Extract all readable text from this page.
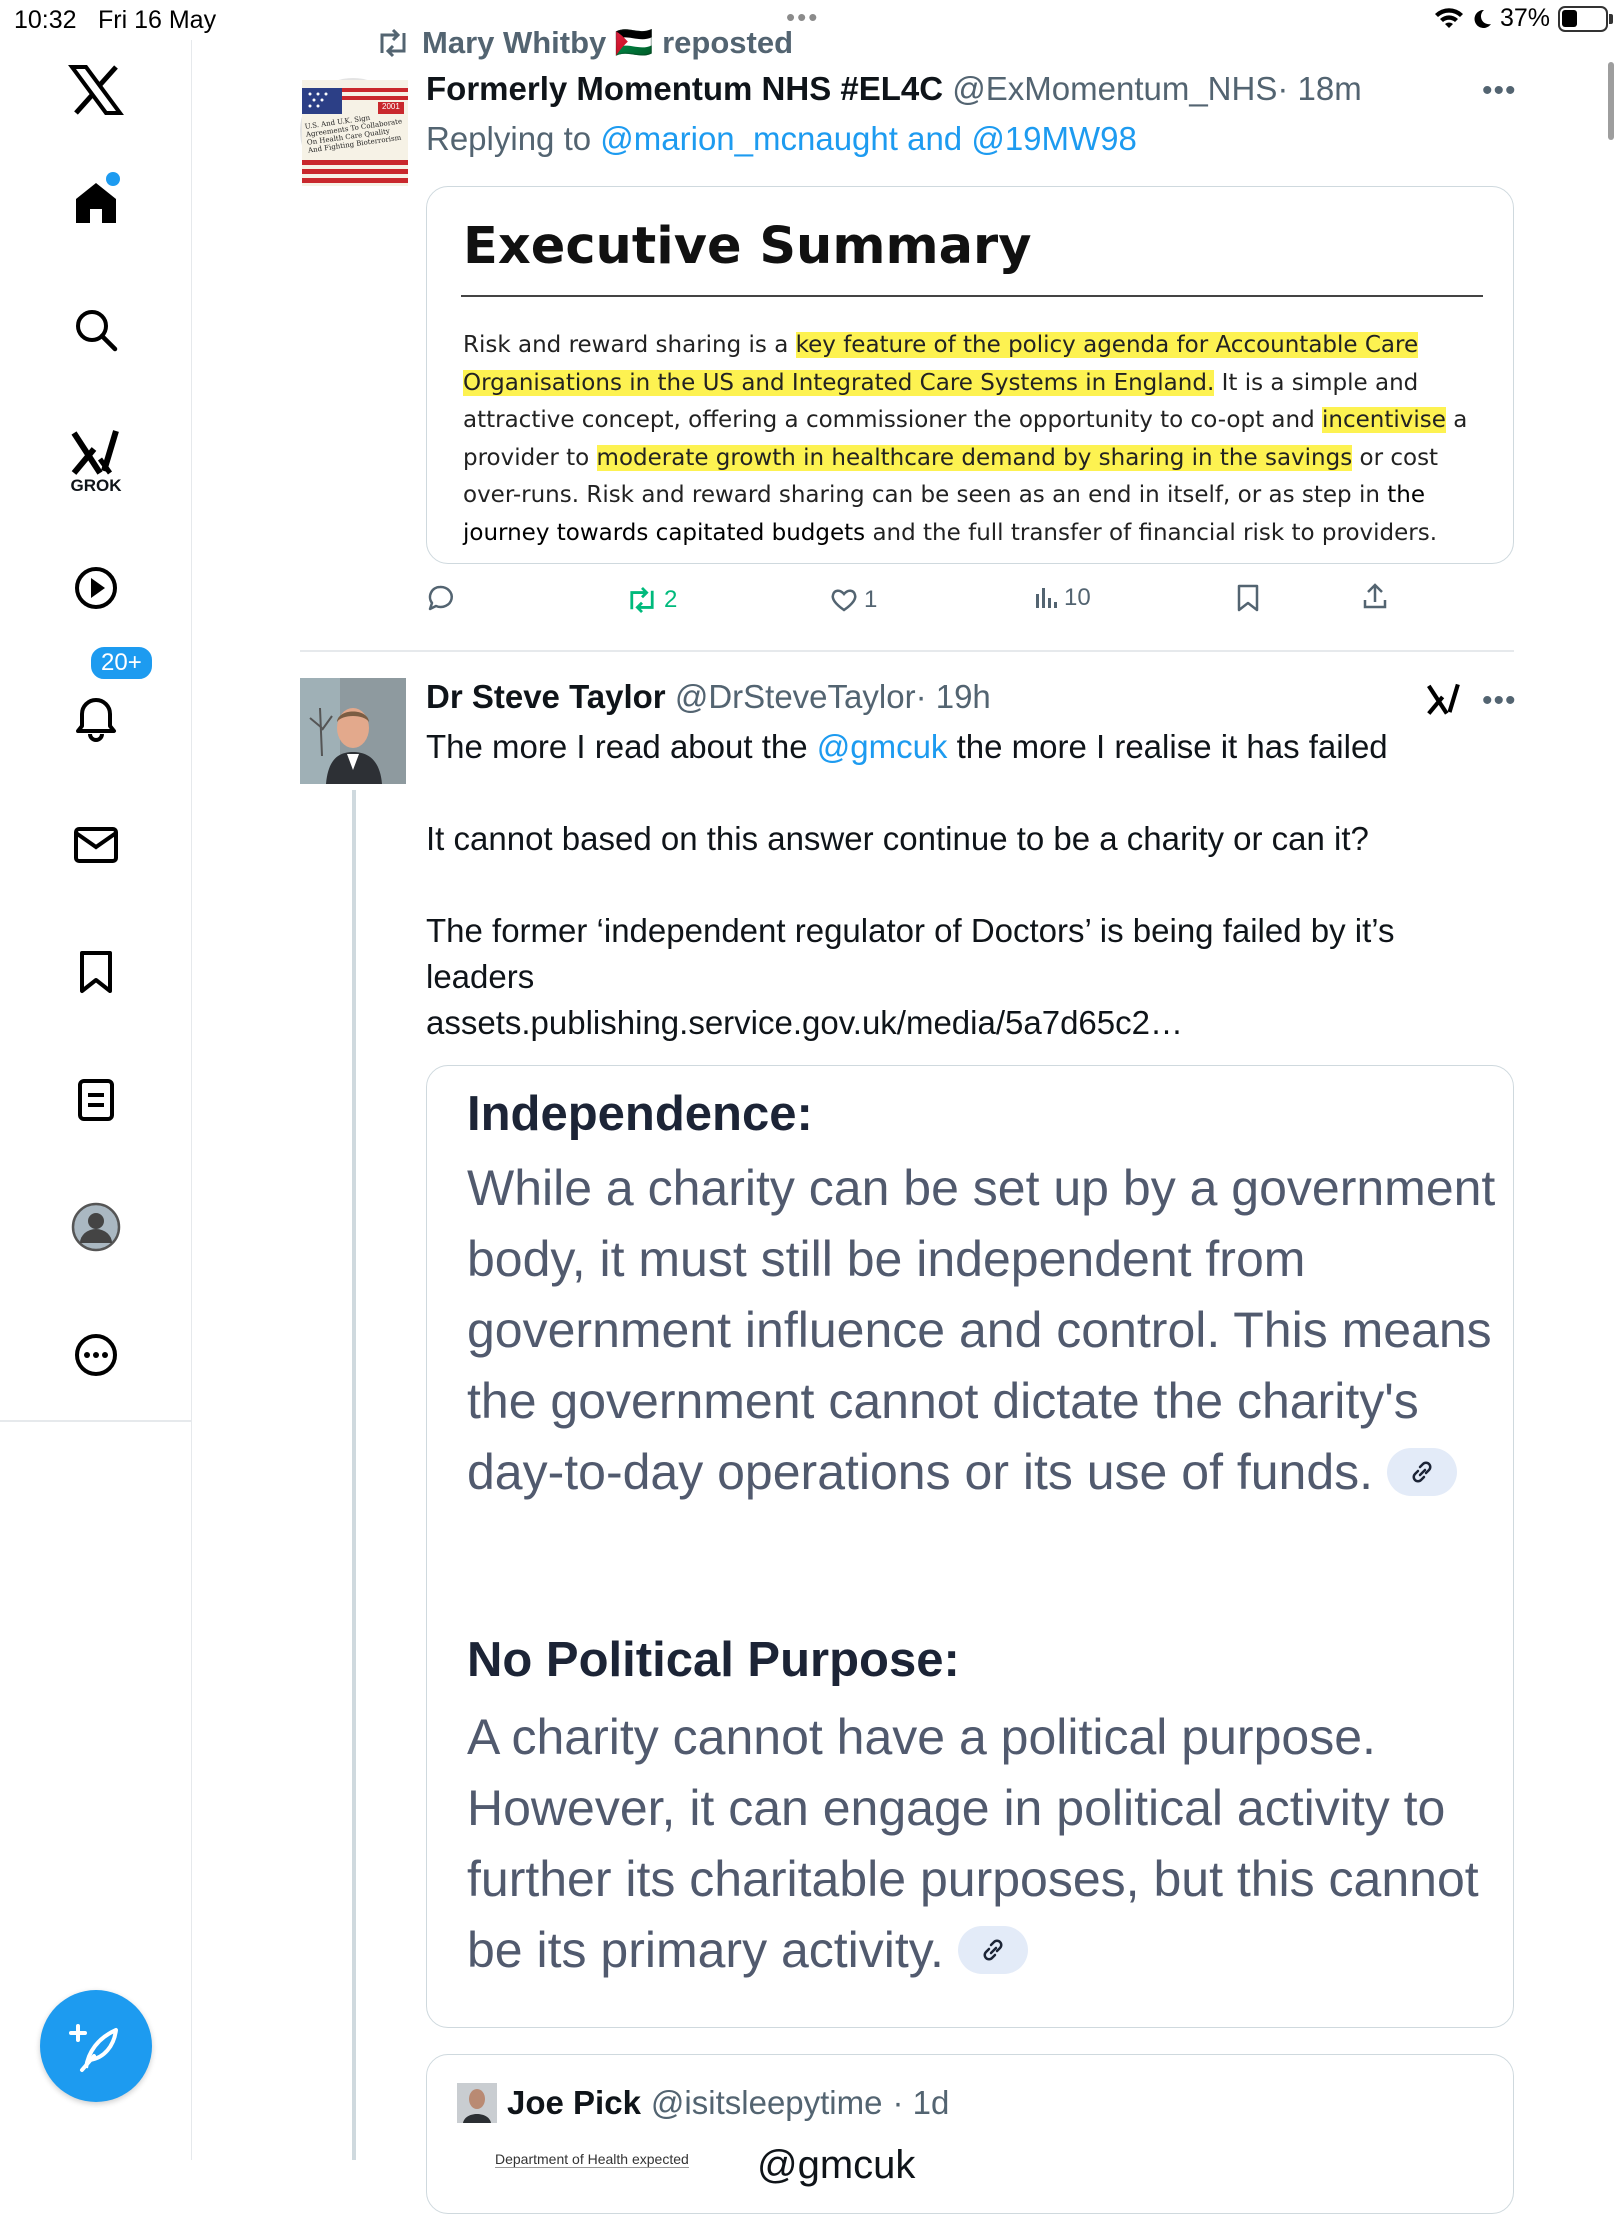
10:32 Fri 16 May	•••	37%
GROK
20+
Mary Whitby 🇵🇸 reposted
2001
U.S. And U.K. Sign Agreements To Collaborate On Health Care Quality And Fighting Bioterrorism
Formerly Momentum NHS #EL4C @ExMomentum_NHS· 18m	•••
Replying to @marion_mcnaught and @19MW98
Executive Summary
Risk and reward sharing is a key feature of the policy agenda for Accountable Care Organisations in the US and Integrated Care Systems in England. It is a simple and attractive concept, offering a commissioner the opportunity to co-opt and incentivise a provider to moderate growth in healthcare demand by sharing in the savings or cost over-runs. Risk and reward sharing can be seen as an end in itself, or as step in the journey towards capitated budgets and the full transfer of financial risk to providers.
2	1	10
Dr Steve Taylor @DrSteveTaylor· 19h	•••
The more I read about the @gmcuk the more I realise it has failed
It cannot based on this answer continue to be a charity or can it?
The former ‘independent regulator of Doctors’ is being failed by it’s leaders
assets.publishing.service.gov.uk/media/5a7d65c2…
Independence:
While a charity can be set up by a government body, it must still be independent from government influence and control. This means the government cannot dictate the charity's day-to-day operations or its use of funds.
No Political Purpose:
A charity cannot have a political purpose. However, it can engage in political activity to further its charitable purposes, but this cannot be its primary activity.
Joe Pick @isitsleepytime · 1d
Department of Health expected @gmcuk
